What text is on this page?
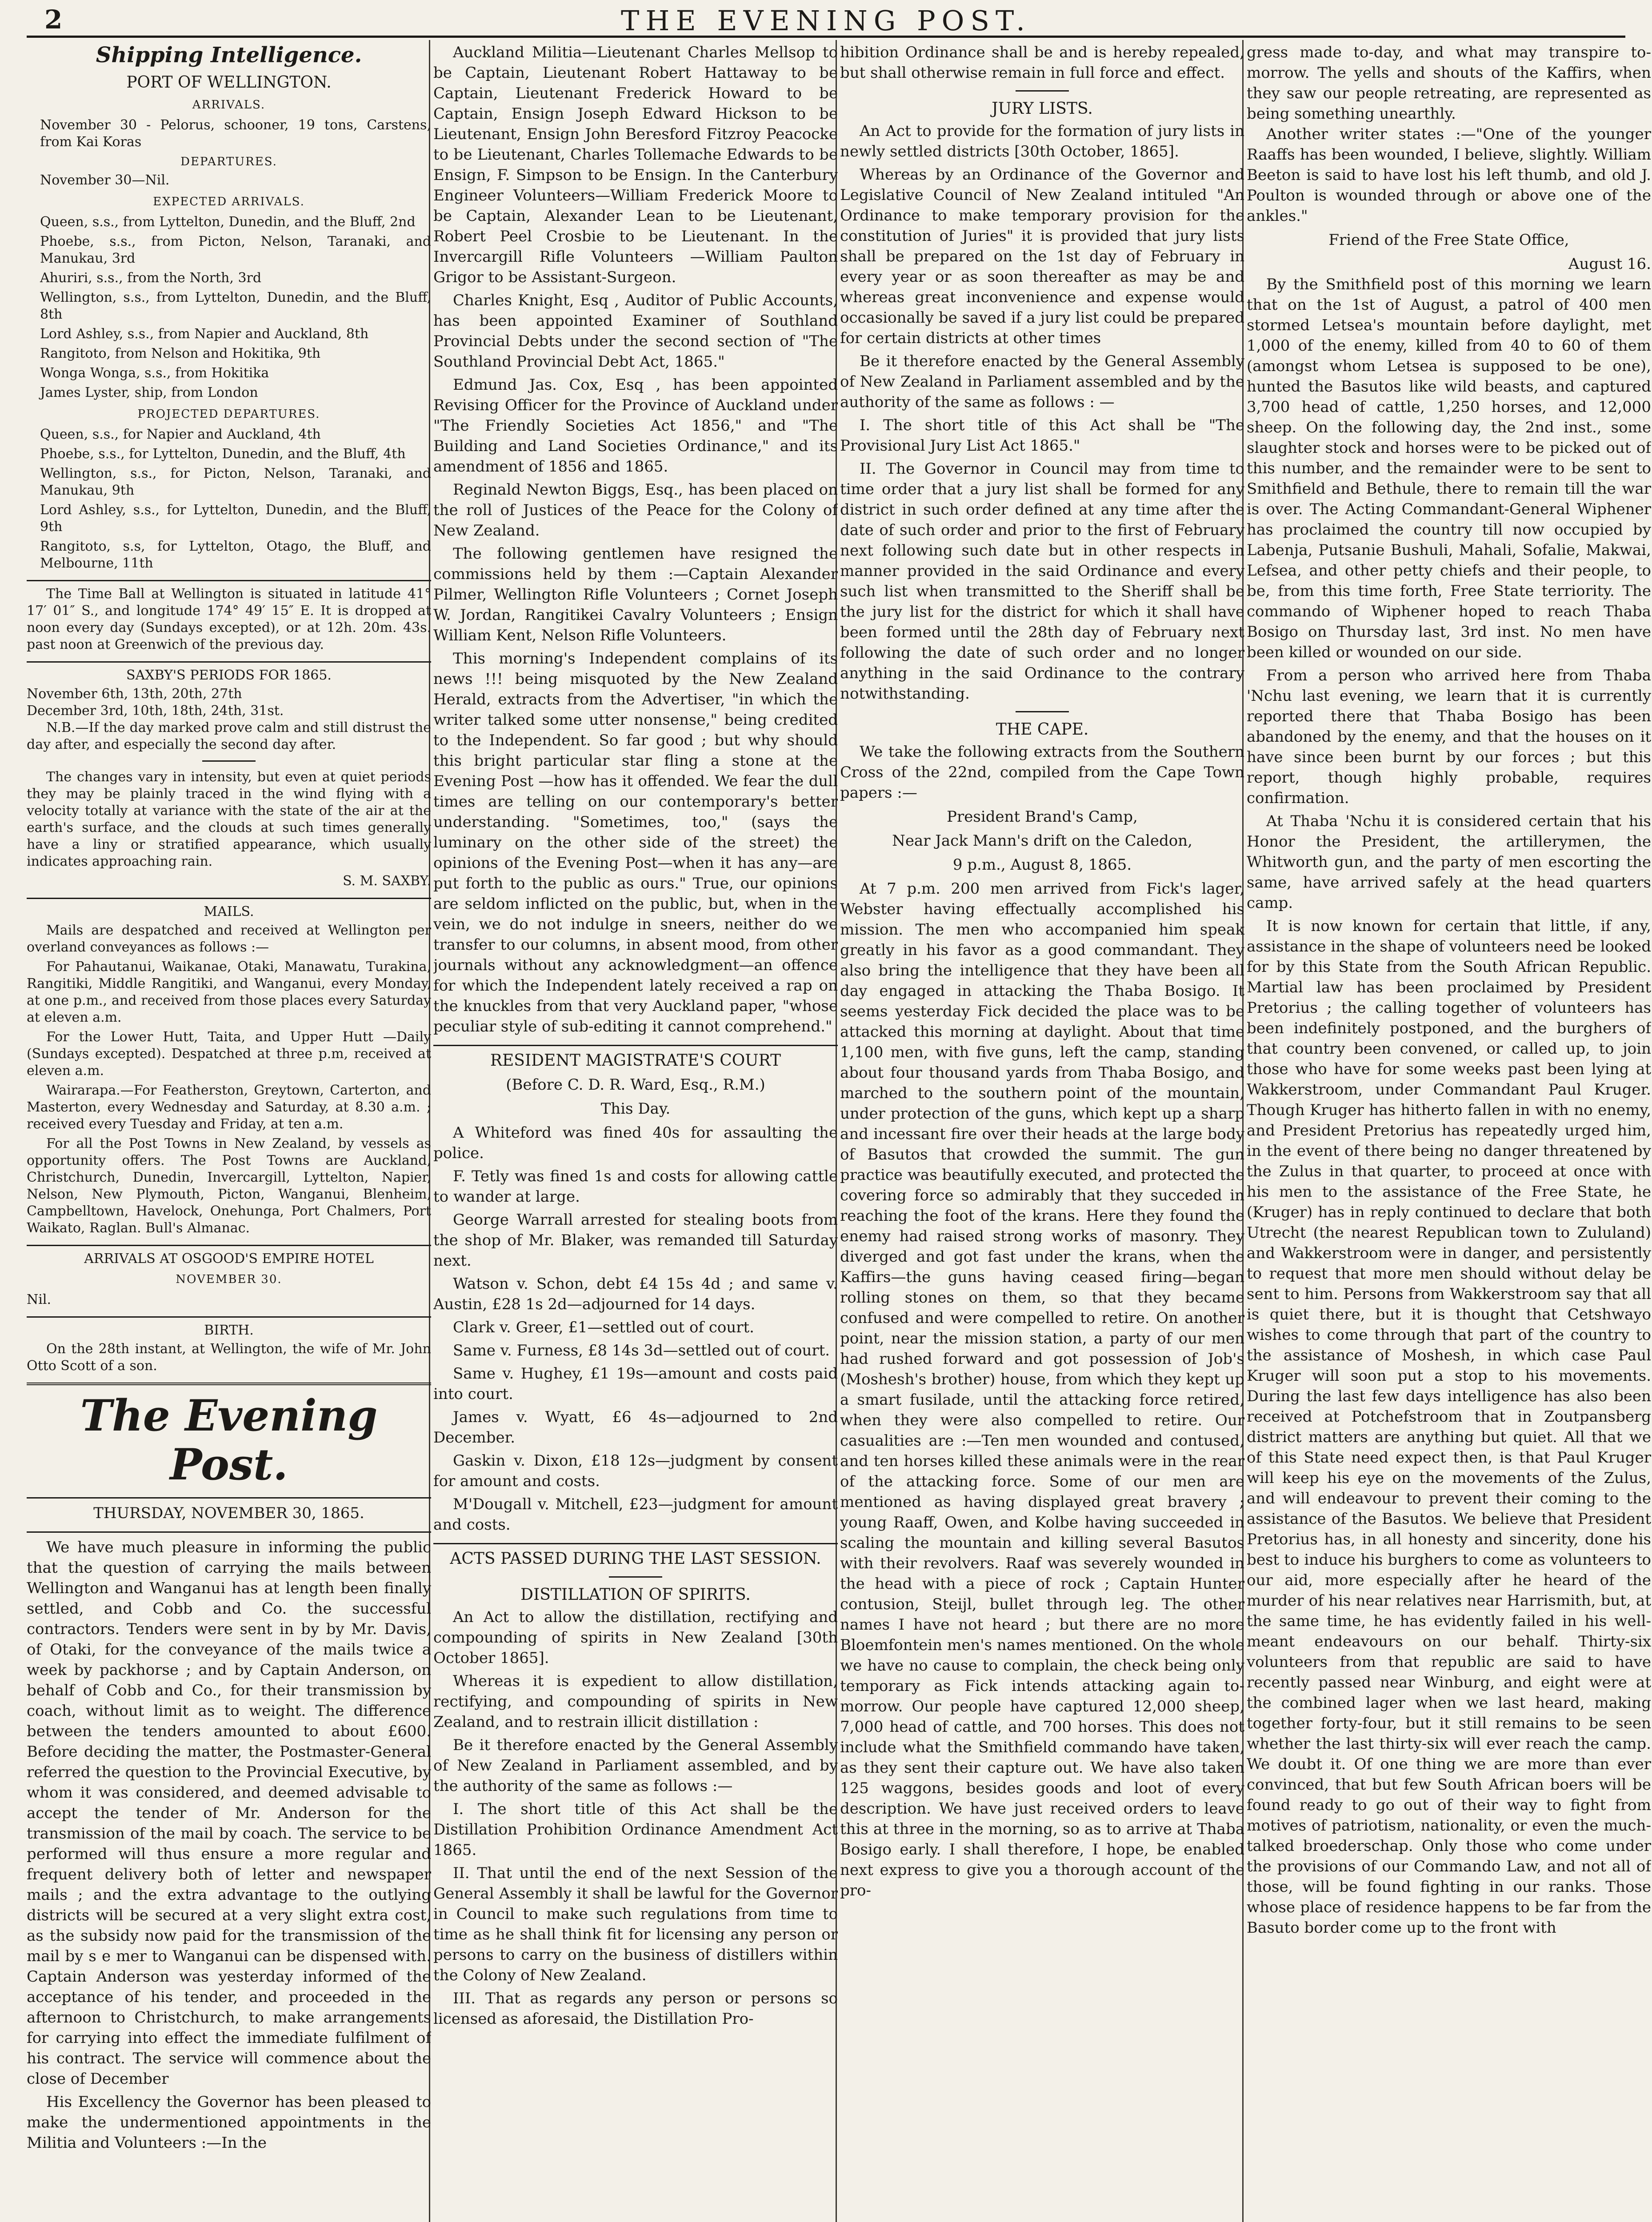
2	THE EVENING POST.
Shipping Intelligence.
PORT OF WELLINGTON.
ARRIVALS.

November 30 - Pelorus, schooner, 19 tons, Carstens, from Kai Koras

DEPARTURES.

November 30—Nil.

EXPECTED ARRIVALS.

Queen, s.s., from Lyttelton, Dunedin, and the Bluff, 2nd

Phoebe, s.s., from Picton, Nelson, Taranaki, and Manukau, 3rd

Ahuriri, s.s., from the North, 3rd

Wellington, s.s., from Lyttelton, Dunedin, and the Bluff, 8th

Lord Ashley, s.s., from Napier and Auckland, 8th

Rangitoto, from Nelson and Hokitika, 9th

Wonga Wonga, s.s., from Hokitika

James Lyster, ship, from London

PROJECTED DEPARTURES.

Queen, s.s., for Napier and Auckland, 4th

Phoebe, s.s., for Lyttelton, Dunedin, and the Bluff, 4th

Wellington, s.s., for Picton, Nelson, Taranaki, and Manukau, 9th

Lord Ashley, s.s., for Lyttelton, Dunedin, and the Bluff, 9th

Rangitoto, s.s, for Lyttelton, Otago, the Bluff, and Melbourne, 11th

The Time Ball at Wellington is situated in latitude 41° 17′ 01″ S., and longitude 174° 49′ 15″ E. It is dropped at noon every day (Sundays excepted), or at 12h. 20m. 43s. past noon at Greenwich of the previous day.

SAXBY'S PERIODS FOR 1865.

November 6th, 13th, 20th, 27th

December 3rd, 10th, 18th, 24th, 31st.

N.B.—If the day marked prove calm and still distrust the day after, and especially the second day after.

The changes vary in intensity, but even at quiet periods they may be plainly traced in the wind flying with a velocity totally at variance with the state of the air at the earth's surface, and the clouds at such times generally have a liny or stratified appearance, which usually indicates approaching rain.

S. M. SAXBY.
MAILS.

Mails are despatched and received at Wellington per overland conveyances as follows :—

For Pahautanui, Waikanae, Otaki, Manawatu, Turakina, Rangitiki, Middle Rangitiki, and Wanganui, every Monday, at one p.m., and received from those places every Saturday at eleven a.m.

For the Lower Hutt, Taita, and Upper Hutt —Daily (Sundays excepted). Despatched at three p.m, received at eleven a.m.

Wairarapa.—For Featherston, Greytown, Carterton, and Masterton, every Wednesday and Saturday, at 8.30 a.m. ; received every Tuesday and Friday, at ten a.m.

For all the Post Towns in New Zealand, by vessels as opportunity offers. The Post Towns are Auckland, Christchurch, Dunedin, Invercargill, Lyttelton, Napier, Nelson, New Plymouth, Picton, Wanganui, Blenheim, Campbelltown, Havelock, Onehunga, Port Chalmers, Port Waikato, Raglan. Bull's Almanac.

ARRIVALS AT OSGOOD'S EMPIRE HOTEL
NOVEMBER 30.

Nil.

BIRTH.

On the 28th instant, at Wellington, the wife of Mr. John Otto Scott of a son.

The Evening Post.
THURSDAY, NOVEMBER 30, 1865.

We have much pleasure in informing the public that the question of carrying the mails between Wellington and Wanganui has at length been finally settled, and Cobb and Co. the successful contractors. Tenders were sent in by by Mr. Davis, of Otaki, for the conveyance of the mails twice a week by packhorse ; and by Captain Anderson, on behalf of Cobb and Co., for their transmission by coach, without limit as to weight. The difference between the tenders amounted to about £600. Before deciding the matter, the Postmaster-General referred the question to the Provincial Executive, by whom it was considered, and deemed advisable to accept the tender of Mr. Anderson for the transmission of the mail by coach. The service to be performed will thus ensure a more regular and frequent delivery both of letter and newspaper mails ; and the extra advantage to the outlying districts will be secured at a very slight extra cost, as the subsidy now paid for the transmission of the mail by s e mer to Wanganui can be dispensed with. Captain Anderson was yesterday informed of the acceptance of his tender, and proceeded in the afternoon to Christchurch, to make arrangements for carrying into effect the immediate fulfilment of his contract. The service will commence about the close of December

His Excellency the Governor has been pleased to make the undermentioned appointments in the Militia and Volunteers :—In the

Auckland Militia—Lieutenant Charles Mellsop to be Captain, Lieutenant Robert Hattaway to be Captain, Lieutenant Frederick Howard to be Captain, Ensign Joseph Edward Hickson to be Lieutenant, Ensign John Beresford Fitzroy Peacocke to be Lieutenant, Charles Tollemache Edwards to be Ensign, F. Simpson to be Ensign. In the Canterbury Engineer Volunteers—William Frederick Moore to be Captain, Alexander Lean to be Lieutenant, Robert Peel Crosbie to be Lieutenant. In the Invercargill Rifle Volunteers —William Paulton Grigor to be Assistant-Surgeon.

Charles Knight, Esq , Auditor of Public Accounts, has been appointed Examiner of Southland Provincial Debts under the second section of "The Southland Provincial Debt Act, 1865."

Edmund Jas. Cox, Esq , has been appointed Revising Officer for the Province of Auckland under "The Friendly Societies Act 1856," and "The Building and Land Societies Ordinance," and its amendment of 1856 and 1865.

Reginald Newton Biggs, Esq., has been placed on the roll of Justices of the Peace for the Colony of New Zealand.

The following gentlemen have resigned the commissions held by them :—Captain Alexander Pilmer, Wellington Rifle Volunteers ; Cornet Joseph W. Jordan, Rangitikei Cavalry Volunteers ; Ensign William Kent, Nelson Rifle Volunteers.

This morning's Independent complains of its news !!! being misquoted by the New Zealand Herald, extracts from the Advertiser, "in which the writer talked some utter nonsense," being credited to the Independent. So far good ; but why should this bright particular star fling a stone at the Evening Post —how has it offended. We fear the dull times are telling on our contemporary's better understanding. "Sometimes, too," (says the luminary on the other side of the street) the opinions of the Evening Post—when it has any—are put forth to the public as ours." True, our opinions are seldom inflicted on the public, but, when in the vein, we do not indulge in sneers, neither do we transfer to our columns, in absent mood, from other journals without any acknowledgment—an offence for which the Independent lately received a rap on the knuckles from that very Auckland paper, "whose peculiar style of sub-editing it cannot comprehend."

RESIDENT MAGISTRATE'S COURT
(Before C. D. R. Ward, Esq., R.M.)
This Day.

A Whiteford was fined 40s for assaulting the police.

F. Tetly was fined 1s and costs for allowing cattle to wander at large.

George Warrall arrested for stealing boots from the shop of Mr. Blaker, was remanded till Saturday next.

Watson v. Schon, debt £4 15s 4d ; and same v. Austin, £28 1s 2d—adjourned for 14 days.

Clark v. Greer, £1—settled out of court.

Same v. Furness, £8 14s 3d—settled out of court.

Same v. Hughey, £1 19s—amount and costs paid into court.

James v. Wyatt, £6 4s—adjourned to 2nd December.

Gaskin v. Dixon, £18 12s—judgment by consent for amount and costs.

M'Dougall v. Mitchell, £23—judgment for amount and costs.

ACTS PASSED DURING THE LAST SESSION.
DISTILLATION OF SPIRITS.

An Act to allow the distillation, rectifying and compounding of spirits in New Zealand [30th October 1865].

Whereas it is expedient to allow distillation, rectifying, and compounding of spirits in New Zealand, and to restrain illicit distillation :

Be it therefore enacted by the General Assembly of New Zealand in Parliament assembled, and by the authority of the same as follows :—

I. The short title of this Act shall be the Distillation Prohibition Ordinance Amendment Act 1865.

II. That until the end of the next Session of the General Assembly it shall be lawful for the Governor in Council to make such regulations from time to time as he shall think fit for licensing any person or persons to carry on the business of distillers within the Colony of New Zealand.

III. That as regards any person or persons so licensed as aforesaid, the Distillation Pro-

hibition Ordinance shall be and is hereby repealed, but shall otherwise remain in full force and effect.

JURY LISTS.

An Act to provide for the formation of jury lists in newly settled districts [30th October, 1865].

Whereas by an Ordinance of the Governor and Legislative Council of New Zealand intituled "An Ordinance to make temporary provision for the constitution of Juries" it is provided that jury lists shall be prepared on the 1st day of February in every year or as soon thereafter as may be and whereas great inconvenience and expense would occasionally be saved if a jury list could be prepared for certain districts at other times

Be it therefore enacted by the General Assembly of New Zealand in Parliament assembled and by the authority of the same as follows : —

I. The short title of this Act shall be "The Provisional Jury List Act 1865."

II. The Governor in Council may from time to time order that a jury list shall be formed for any district in such order defined at any time after the date of such order and prior to the first of February next following such date but in other respects in manner provided in the said Ordinance and every such list when transmitted to the Sheriff shall be the jury list for the district for which it shall have been formed until the 28th day of February next following the date of such order and no longer anything in the said Ordinance to the contrary notwithstanding.

THE CAPE.

We take the following extracts from the Southern Cross of the 22nd, compiled from the Cape Town papers :—

President Brand's Camp,
Near Jack Mann's drift on the Caledon,
9 p.m., August 8, 1865.

At 7 p.m. 200 men arrived from Fick's lager, Webster having effectually accomplished his mission. The men who accompanied him speak greatly in his favor as a good commandant. They also bring the intelligence that they have been all day engaged in attacking the Thaba Bosigo. It seems yesterday Fick decided the place was to be attacked this morning at daylight. About that time 1,100 men, with five guns, left the camp, standing about four thousand yards from Thaba Bosigo, and marched to the southern point of the mountain, under protection of the guns, which kept up a sharp and incessant fire over their heads at the large body of Basutos that crowded the summit. The gun practice was beautifully executed, and protected the covering force so admirably that they succeded in reaching the foot of the krans. Here they found the enemy had raised strong works of masonry. They diverged and got fast under the krans, when the Kaffirs—the guns having ceased firing—began rolling stones on them, so that they became confused and were compelled to retire. On another point, near the mission station, a party of our men had rushed forward and got possession of Job's (Moshesh's brother) house, from which they kept up a smart fusilade, until the attacking force retired, when they were also compelled to retire. Our casualities are :—Ten men wounded and contused, and ten horses killed these animals were in the rear of the attacking force. Some of our men are mentioned as having displayed great bravery ; young Raaff, Owen, and Kolbe having succeeded in scaling the mountain and killing several Basutos with their revolvers. Raaf was severely wounded in the head with a piece of rock ; Captain Hunter contusion, Steijl, bullet through leg. The other names I have not heard ; but there are no more Bloemfontein men's names mentioned. On the whole we have no cause to complain, the check being only temporary as Fick intends attacking again to-morrow. Our people have captured 12,000 sheep, 7,000 head of cattle, and 700 horses. This does not include what the Smithfield commando have taken, as they sent their capture out. We have also taken 125 waggons, besides goods and loot of every description. We have just received orders to leave this at three in the morning, so as to arrive at Thaba Bosigo early. I shall therefore, I hope, be enabled next express to give you a thorough account of the pro-

gress made to-day, and what may transpire to-morrow. The yells and shouts of the Kaffirs, when they saw our people retreating, are represented as being something unearthly.

Another writer states :—"One of the younger Raaffs has been wounded, I believe, slightly. William Beeton is said to have lost his left thumb, and old J. Poulton is wounded through or above one of the ankles."

Friend of the Free State Office,
August 16.

By the Smithfield post of this morning we learn that on the 1st of August, a patrol of 400 men stormed Letsea's mountain before daylight, met 1,000 of the enemy, killed from 40 to 60 of them (amongst whom Letsea is supposed to be one), hunted the Basutos like wild beasts, and captured 3,700 head of cattle, 1,250 horses, and 12,000 sheep. On the following day, the 2nd inst., some slaughter stock and horses were to be picked out of this number, and the remainder were to be sent to Smithfield and Bethule, there to remain till the war is over. The Acting Commandant-General Wiphener has proclaimed the country till now occupied by Labenja, Putsanie Bushuli, Mahali, Sofalie, Makwai, Lefsea, and other petty chiefs and their people, to be, from this time forth, Free State terriority. The commando of Wiphener hoped to reach Thaba Bosigo on Thursday last, 3rd inst. No men have been killed or wounded on our side.

From a person who arrived here from Thaba 'Nchu last evening, we learn that it is currently reported there that Thaba Bosigo has been abandoned by the enemy, and that the houses on it have since been burnt by our forces ; but this report, though highly probable, requires confirmation.

At Thaba 'Nchu it is considered certain that his Honor the President, the artillerymen, the Whitworth gun, and the party of men escorting the same, have arrived safely at the head quarters camp.

It is now known for certain that little, if any, assistance in the shape of volunteers need be looked for by this State from the South African Republic. Martial law has been proclaimed by President Pretorius ; the calling together of volunteers has been indefinitely postponed, and the burghers of that country been convened, or called up, to join those who have for some weeks past been lying at Wakkerstroom, under Commandant Paul Kruger. Though Kruger has hitherto fallen in with no enemy, and President Pretorius has repeatedly urged him, in the event of there being no danger threatened by the Zulus in that quarter, to proceed at once with his men to the assistance of the Free State, he (Kruger) has in reply continued to declare that both Utrecht (the nearest Republican town to Zululand) and Wakkerstroom were in danger, and persistently to request that more men should without delay be sent to him. Persons from Wakkerstroom say that all is quiet there, but it is thought that Cetshwayo wishes to come through that part of the country to the assistance of Moshesh, in which case Paul Kruger will soon put a stop to his movements. During the last few days intelligence has also been received at Potchefstroom that in Zoutpansberg district matters are anything but quiet. All that we of this State need expect then, is that Paul Kruger will keep his eye on the movements of the Zulus, and will endeavour to prevent their coming to the assistance of the Basutos. We believe that President Pretorius has, in all honesty and sincerity, done his best to induce his burghers to come as volunteers to our aid, more especially after he heard of the murder of his near relatives near Harrismith, but, at the same time, he has evidently failed in his well-meant endeavours on our behalf. Thirty-six volunteers from that republic are said to have recently passed near Winburg, and eight were at the combined lager when we last heard, making together forty-four, but it still remains to be seen whether the last thirty-six will ever reach the camp. We doubt it. Of one thing we are more than ever convinced, that but few South African boers will be found ready to go out of their way to fight from motives of patriotism, nationality, or even the much-talked broederschap. Only those who come under the provisions of our Commando Law, and not all of those, will be found fighting in our ranks. Those whose place of residence happens to be far from the Basuto border come up to the front with
